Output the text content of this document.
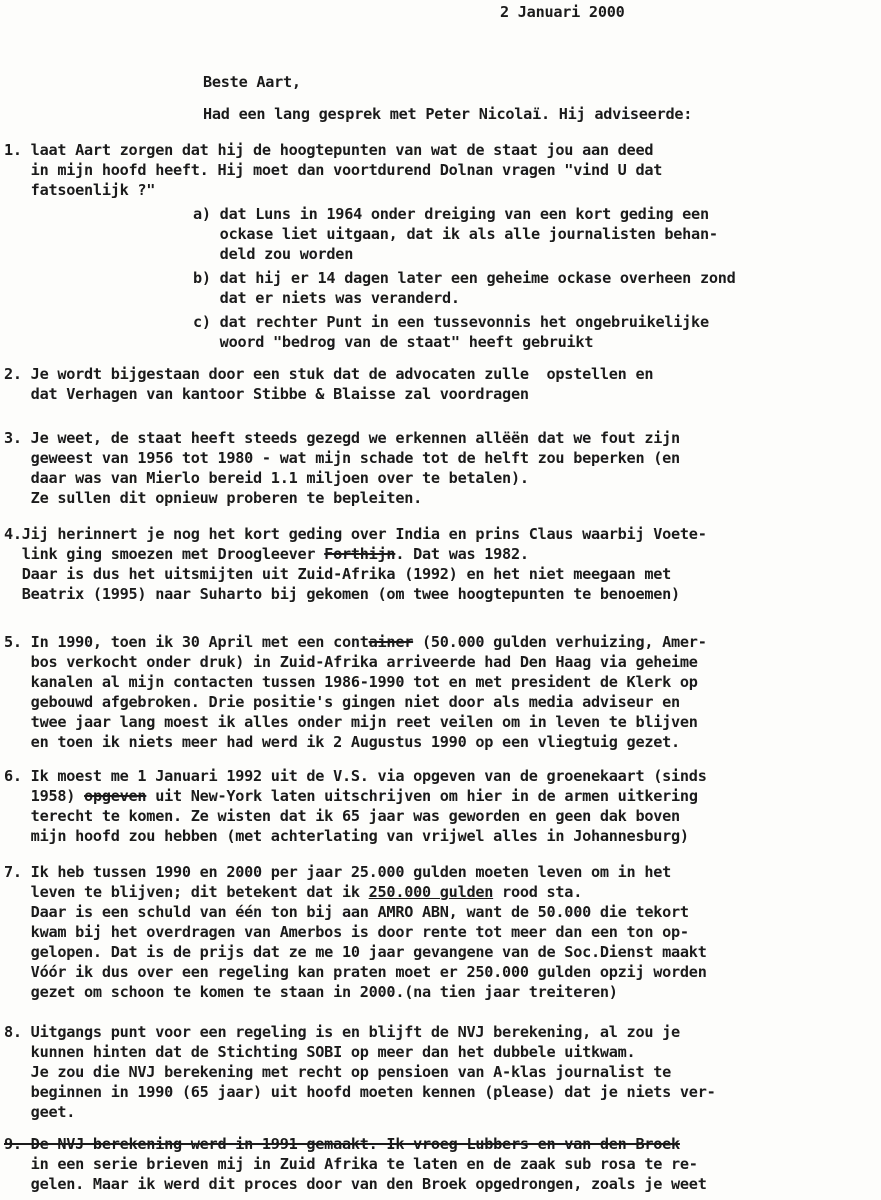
2 Januari 2000
Beste Aart,
Had een lang gesprek met Peter Nicolaï. Hij adviseerde:
1. laat Aart zorgen dat hij de hoogtepunten van wat de staat jou aan deed
in mijn hoofd heeft. Hij moet dan voortdurend Dolnan vragen "vind U dat
fatsoenlijk ?"
a) dat Luns in 1964 onder dreiging van een kort geding een
ockase liet uitgaan, dat ik als alle journalisten behan-
deld zou worden
b) dat hij er 14 dagen later een geheime ockase overheen zond
dat er niets was veranderd.
c) dat rechter Punt in een tussevonnis het ongebruikelijke
woord "bedrog van de staat" heeft gebruikt
2. Je wordt bijgestaan door een stuk dat de advocaten zulle  opstellen en
dat Verhagen van kantoor Stibbe & Blaisse zal voordragen
3. Je weet, de staat heeft steeds gezegd we erkennen allëën dat we fout zijn
geweest van 1956 tot 1980 - wat mijn schade tot de helft zou beperken (en
daar was van Mierlo bereid 1.1 miljoen over te betalen).
Ze sullen dit opnieuw proberen te bepleiten.
4.Jij herinnert je nog het kort geding over India en prins Claus waarbij Voete-
link ging smoezen met Droogleever Forthijn. Dat was 1982.
Daar is dus het uitsmijten uit Zuid-Afrika (1992) en het niet meegaan met
Beatrix (1995) naar Suharto bij gekomen (om twee hoogtepunten te benoemen)
5. In 1990, toen ik 30 April met een container (50.000 gulden verhuizing, Amer-
bos verkocht onder druk) in Zuid-Afrika arriveerde had Den Haag via geheime
kanalen al mijn contacten tussen 1986-1990 tot en met president de Klerk op
gebouwd afgebroken. Drie positie's gingen niet door als media adviseur en
twee jaar lang moest ik alles onder mijn reet veilen om in leven te blijven
en toen ik niets meer had werd ik 2 Augustus 1990 op een vliegtuig gezet.
6. Ik moest me 1 Januari 1992 uit de V.S. via opgeven van de groenekaart (sinds
1958) opgeven uit New-York laten uitschrijven om hier in de armen uitkering
terecht te komen. Ze wisten dat ik 65 jaar was geworden en geen dak boven
mijn hoofd zou hebben (met achterlating van vrijwel alles in Johannesburg)
7. Ik heb tussen 1990 en 2000 per jaar 25.000 gulden moeten leven om in het
leven te blijven; dit betekent dat ik 250.000 gulden rood sta.
Daar is een schuld van één ton bij aan AMRO ABN, want de 50.000 die tekort
kwam bij het overdragen van Amerbos is door rente tot meer dan een ton op-
gelopen. Dat is de prijs dat ze me 10 jaar gevangene van de Soc.Dienst maakt
Vóór ik dus over een regeling kan praten moet er 250.000 gulden opzij worden
gezet om schoon te komen te staan in 2000.(na tien jaar treiteren)
8. Uitgangs punt voor een regeling is en blijft de NVJ berekening, al zou je
kunnen hinten dat de Stichting SOBI op meer dan het dubbele uitkwam.
Je zou die NVJ berekening met recht op pensioen van A-klas journalist te
beginnen in 1990 (65 jaar) uit hoofd moeten kennen (please) dat je niets ver-
geet.
9. De NVJ berekening werd in 1991 gemaakt. Ik vroeg Lubbers en van den Broek
in een serie brieven mij in Zuid Afrika te laten en de zaak sub rosa te re-
gelen. Maar ik werd dit proces door van den Broek opgedrongen, zoals je weet
